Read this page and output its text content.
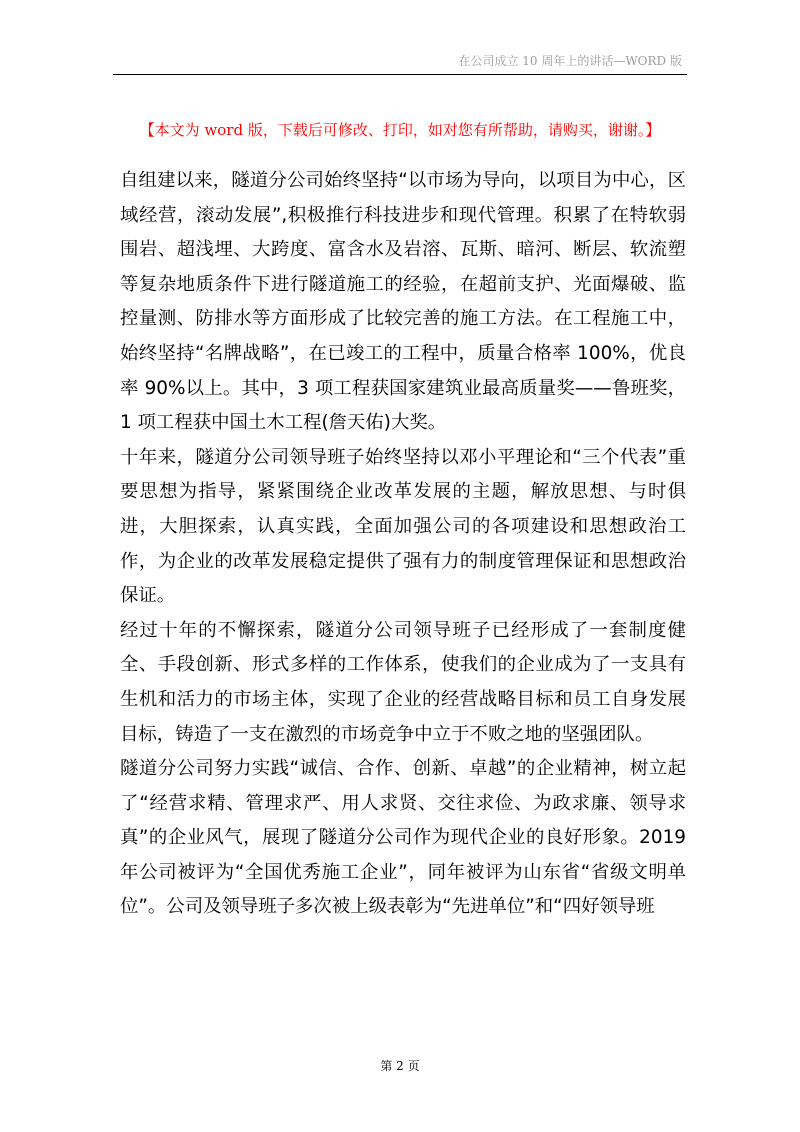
在公司成立 10 周年上的讲话—WORD 版
【本文为 word 版，下载后可修改、打印，如对您有所帮助，请购买，谢谢。】

自组建以来，隧道分公司始终坚持“以市场为导向，以项目为中心，区域经营，滚动发展”,积极推行科技进步和现代管理。积累了在特软弱围岩、超浅埋、大跨度、富含水及岩溶、瓦斯、暗河、断层、软流塑等复杂地质条件下进行隧道施工的经验，在超前支护、光面爆破、监控量测、防排水等方面形成了比较完善的施工方法。在工程施工中，始终坚持“名牌战略”，在已竣工的工程中，质量合格率 100%，优良率 90%以上。其中，3 项工程获国家建筑业最高质量奖——鲁班奖，1 项工程获中国土木工程(詹天佑)大奖。

十年来，隧道分公司领导班子始终坚持以邓小平理论和“三个代表”重要思想为指导，紧紧围绕企业改革发展的主题，解放思想、与时俱进，大胆探索，认真实践，全面加强公司的各项建设和思想政治工作，为企业的改革发展稳定提供了强有力的制度管理保证和思想政治保证。

经过十年的不懈探索，隧道分公司领导班子已经形成了一套制度健全、手段创新、形式多样的工作体系，使我们的企业成为了一支具有生机和活力的市场主体，实现了企业的经营战略目标和员工自身发展目标，铸造了一支在激烈的市场竞争中立于不败之地的坚强团队。

隧道分公司努力实践“诚信、合作、创新、卓越”的企业精神，树立起了“经营求精、管理求严、用人求贤、交往求俭、为政求廉、领导求真”的企业风气，展现了隧道分公司作为现代企业的良好形象。2019年公司被评为“全国优秀施工企业”，同年被评为山东省“省级文明单位”。公司及领导班子多次被上级表彰为“先进单位”和“四好领导班

第 2 页
